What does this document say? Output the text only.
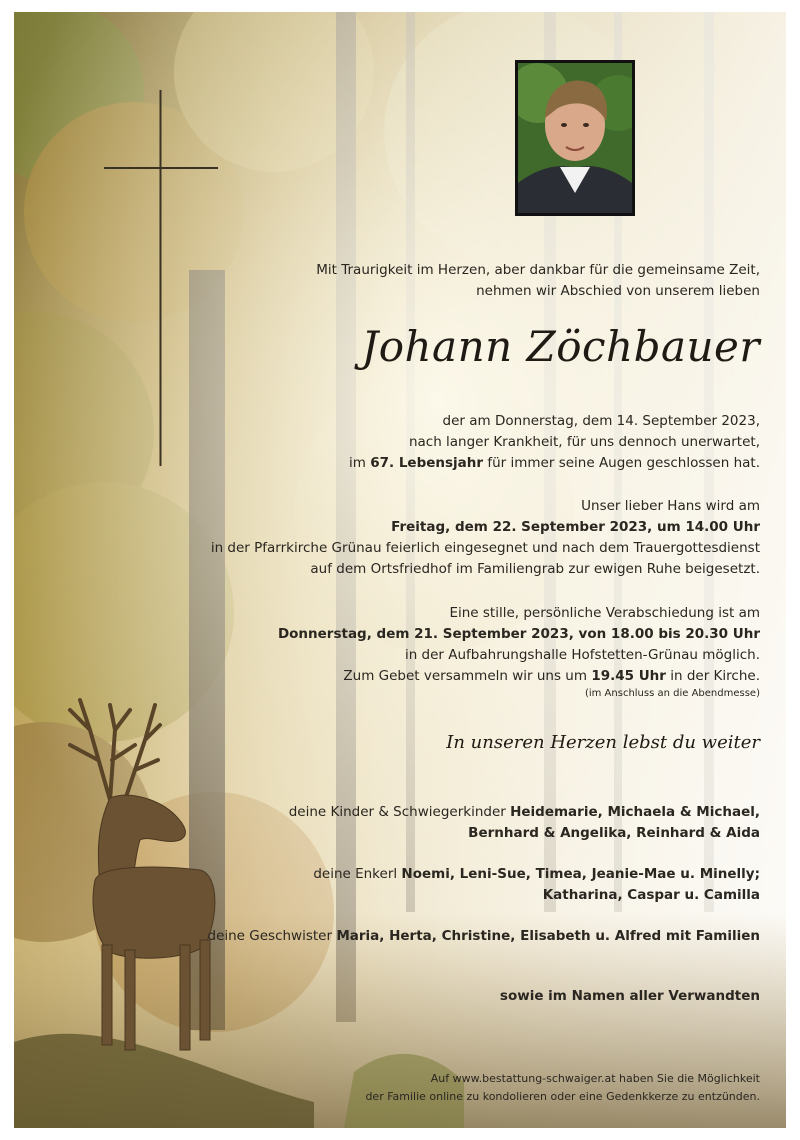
Mit Traurigkeit im Herzen, aber dankbar für die gemeinsame Zeit,
nehmen wir Abschied von unserem lieben
Johann Zöchbauer
der am Donnerstag, dem 14. September 2023,
nach langer Krankheit, für uns dennoch unerwartet,
im 67. Lebensjahr für immer seine Augen geschlossen hat.
Unser lieber Hans wird am
Freitag, dem 22. September 2023, um 14.00 Uhr
in der Pfarrkirche Grünau feierlich eingesegnet und nach dem Trauergottesdienst
auf dem Ortsfriedhof im Familiengrab zur ewigen Ruhe beigesetzt.
Eine stille, persönliche Verabschiedung ist am
Donnerstag, dem 21. September 2023, von 18.00 bis 20.30 Uhr
in der Aufbahrungshalle Hofstetten-Grünau möglich.
Zum Gebet versammeln wir uns um 19.45 Uhr in der Kirche.
(im Anschluss an die Abendmesse)
In unseren Herzen lebst du weiter
deine Kinder & Schwiegerkinder Heidemarie, Michaela & Michael,
Bernhard & Angelika, Reinhard & Aida
deine Enkerl Noemi, Leni-Sue, Timea, Jeanie-Mae u. Minelly;
Katharina, Caspar u. Camilla
deine Geschwister Maria, Herta, Christine, Elisabeth u. Alfred mit Familien
sowie im Namen aller Verwandten
Auf www.bestattung-schwaiger.at haben Sie die Möglichkeit
der Familie online zu kondolieren oder eine Gedenkkerze zu entzünden.
